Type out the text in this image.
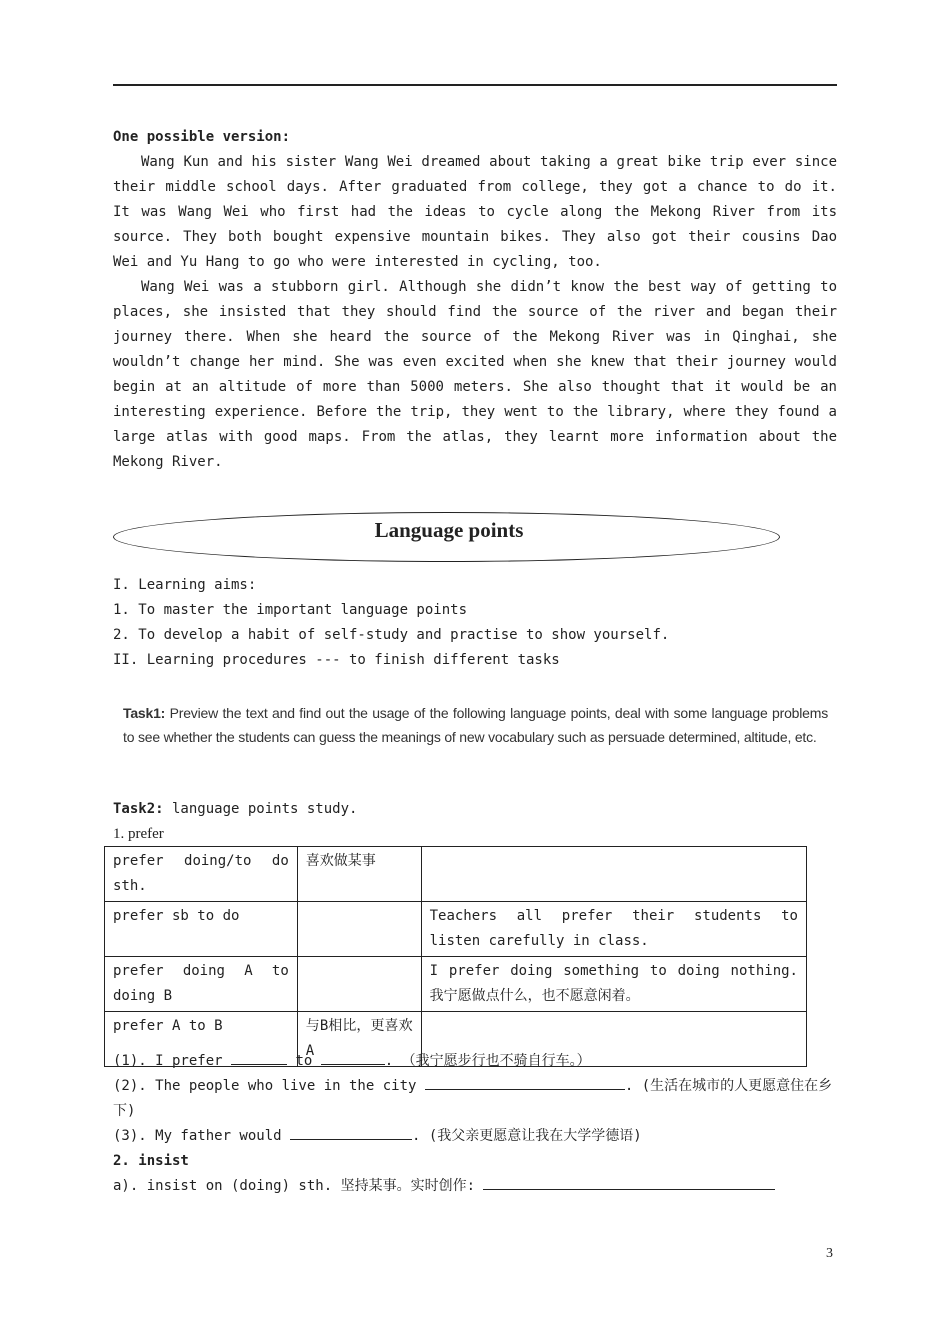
One possible version:

Wang Kun and his sister Wang Wei dreamed about taking a great bike trip ever since their middle school days. After graduated from college, they got a chance to do it. It was Wang Wei who first had the ideas to cycle along the Mekong River from its source. They both bought expensive mountain bikes. They also got their cousins Dao Wei and Yu Hang to go who were interested in cycling, too.

Wang Wei was a stubborn girl. Although she didn’t know the best way of getting to places, she insisted that they should find the source of the river and began their journey there. When she heard the source of the Mekong River was in Qinghai, she wouldn’t change her mind. She was even excited when she knew that their journey would begin at an altitude of more than 5000 meters. She also thought that it would be an interesting experience. Before the trip, they went to the library, where they found a large atlas with good maps. From the atlas, they learnt more information about the Mekong River.

Language points
I. Learning aims:
1. To master the important language points
2. To develop a habit of self-study and practise to show yourself.
II. Learning procedures --- to finish different tasks
Task1: Preview the text and find out the usage of the following language points, deal with some language problems to see whether the students can guess the meanings of new vocabulary such as persuade determined, altitude, etc.
Task2: language points study.
1. prefer
prefer doing/to do sth.	喜欢做某事	
prefer sb to do		Teachers all prefer their students to listen carefully in class.
prefer doing A to doing B		I prefer doing something to doing nothing. 我宁愿做点什么，也不愿意闲着。
prefer A to B	与B相比，更喜欢A	
(1). I prefer	to	. （我宁愿步行也不骑自行车。）
(2). The people who live in the city	. (生活在城市的人更愿意住在乡下)
(3). My father would	. (我父亲更愿意让我在大学学德语)
2. insist
a). insist on (doing) sth. 坚持某事。实时创作:
3
